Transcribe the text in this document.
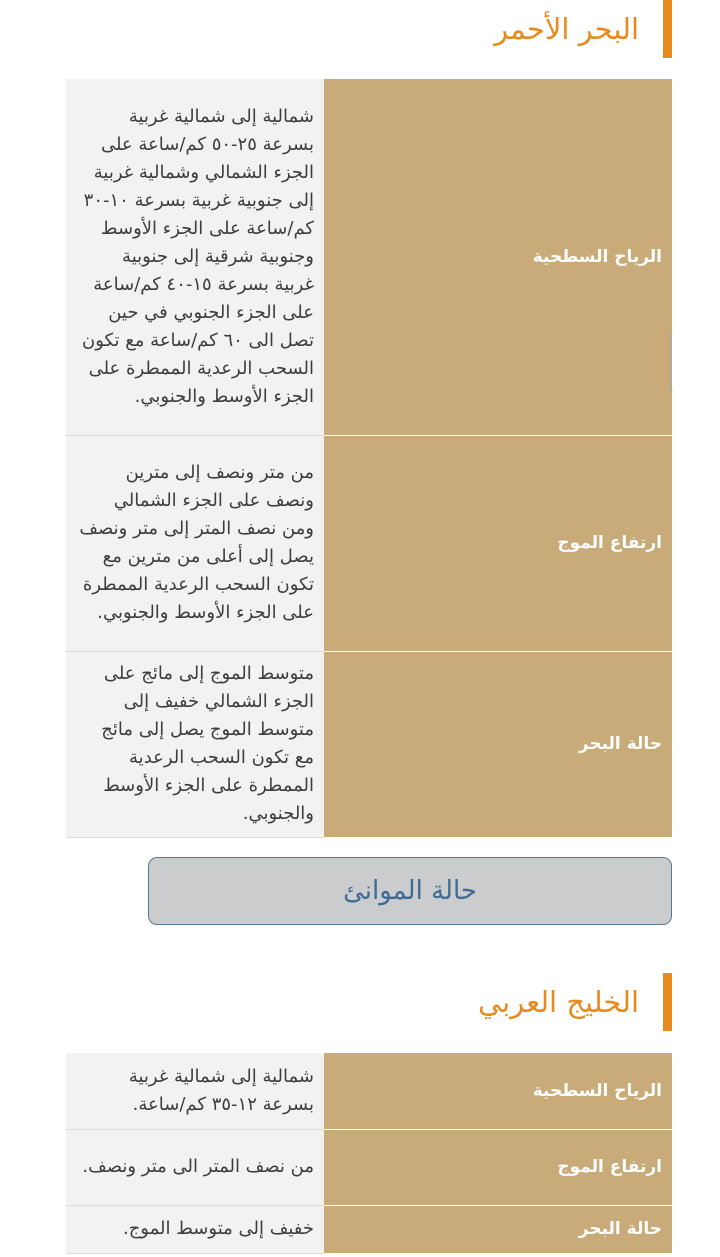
البحر الأحمر
الرياح السطحية	شمالية إلى شمالية غربية بسرعة ٢٥-٥٠ كم/ساعة على الجزء الشمالي وشمالية غربية إلى جنوبية غربية بسرعة ١٠-٣٠ كم/ساعة على الجزء الأوسط وجنوبية شرقية إلى جنوبية غربية بسرعة ١٥-٤٠ كم/ساعة على الجزء الجنوبي في حين تصل الى ٦٠ كم/ساعة مع تكون السحب الرعدية الممطرة على الجزء الأوسط والجنوبي.
ارتفاع الموج	من متر ونصف إلى مترين ونصف على الجزء الشمالي ومن نصف المتر إلى متر ونصف يصل إلى أعلى من مترين مع تكون السحب الرعدية الممطرة على الجزء الأوسط والجنوبي.
حالة البحر	متوسط الموج إلى مائج على الجزء الشمالي خفيف إلى متوسط الموج يصل إلى مائج مع تكون السحب الرعدية الممطرة على الجزء الأوسط والجنوبي.
حالة الموانئ
الخليج العربي
الرياح السطحية	شمالية إلى شمالية غربية بسرعة ١٢-٣٥ كم/ساعة.
ارتفاع الموج	من نصف المتر الى متر ونصف.
حالة البحر	خفيف إلى متوسط الموج.
